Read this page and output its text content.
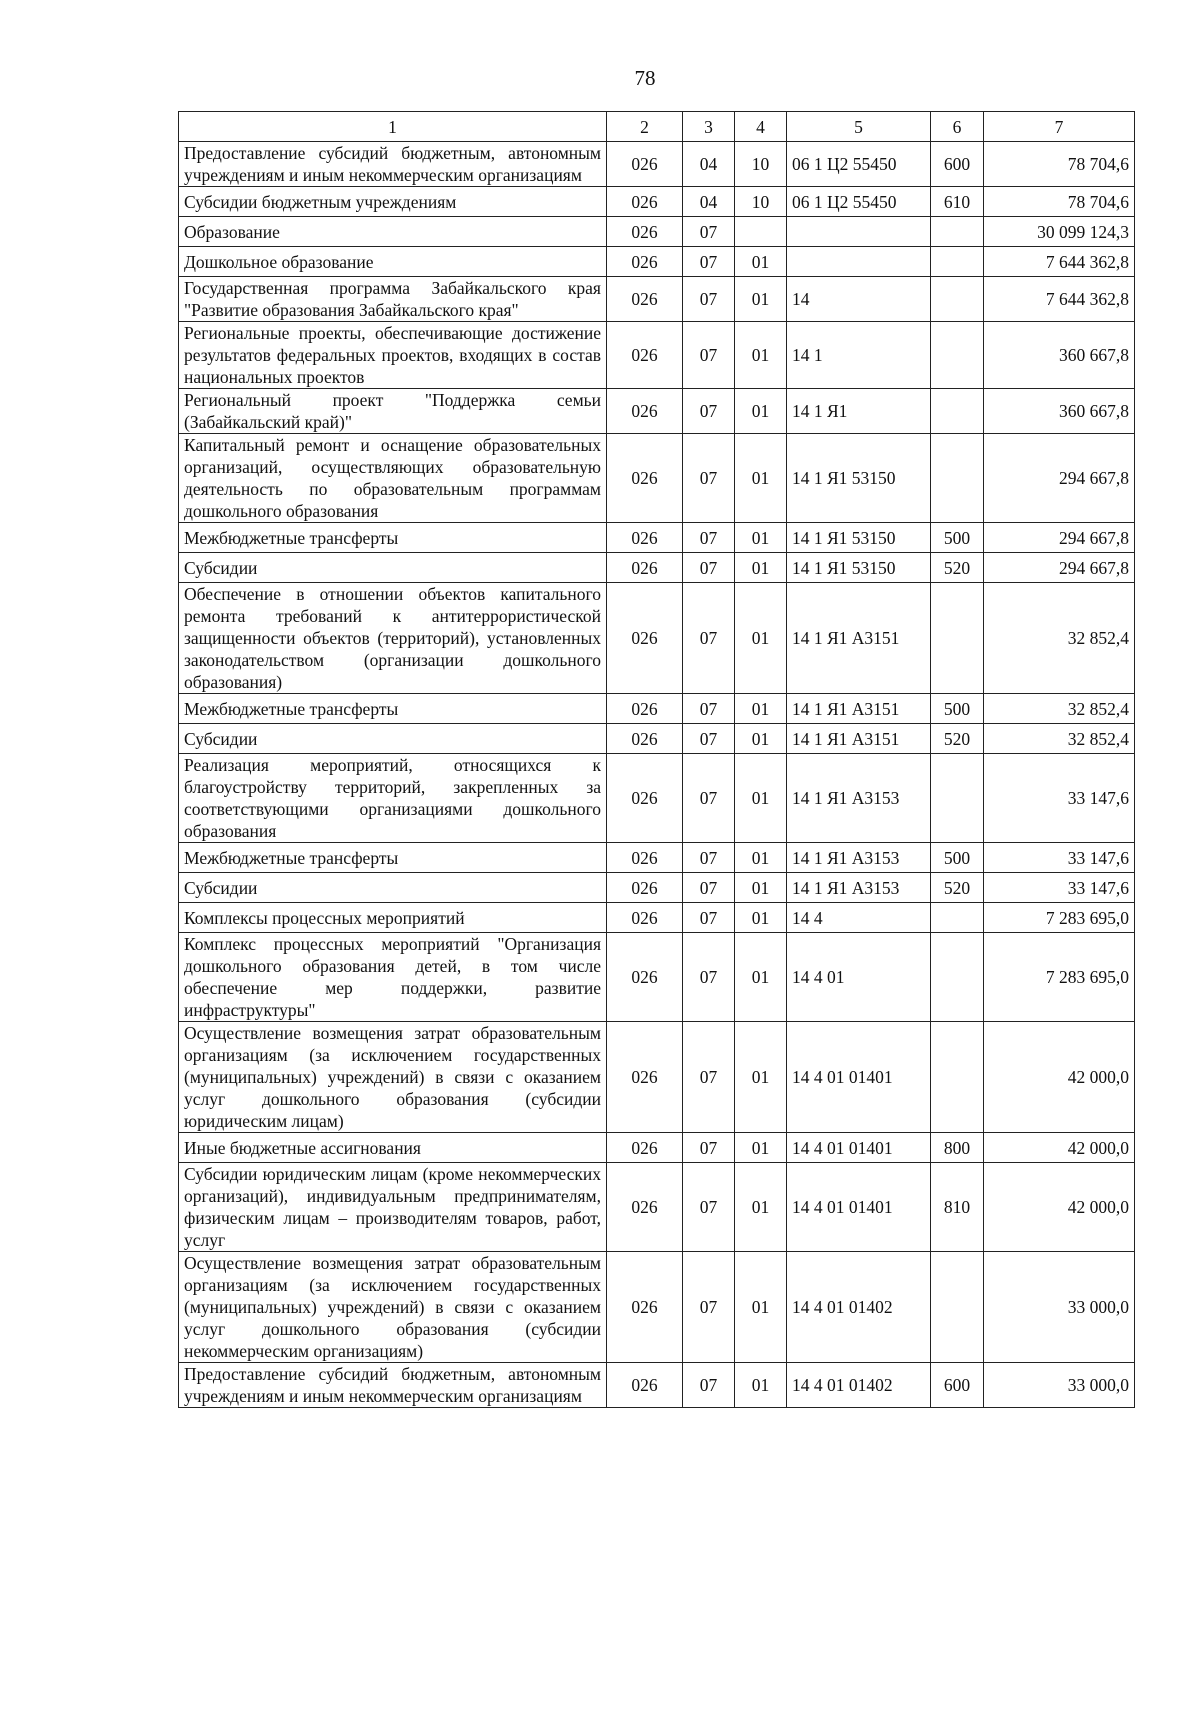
78
1	2	3	4	5	6	7
Предоставление субсидий бюджетным, автономным учреждениям и иным некоммерческим организациям	026	04	10	06 1 Ц2 55450	600	78 704,6
Субсидии бюджетным учреждениям	026	04	10	06 1 Ц2 55450	610	78 704,6
Образование	026	07				30 099 124,3
Дошкольное образование	026	07	01			7 644 362,8
Государственная программа Забайкальского края "Развитие образования Забайкальского края"	026	07	01	14		7 644 362,8
Региональные проекты, обеспечивающие достижение результатов федеральных проектов, входящих в состав национальных проектов	026	07	01	14 1		360 667,8
Региональный проект "Поддержка семьи (Забайкальский край)"	026	07	01	14 1 Я1		360 667,8
Капитальный ремонт и оснащение образовательных организаций, осуществляющих образовательную деятельность по образовательным программам дошкольного образования	026	07	01	14 1 Я1 53150		294 667,8
Межбюджетные трансферты	026	07	01	14 1 Я1 53150	500	294 667,8
Субсидии	026	07	01	14 1 Я1 53150	520	294 667,8
Обеспечение в отношении объектов капитального ремонта требований к антитеррористической защищенности объектов (территорий), установленных законодательством (организации дошкольного образования)	026	07	01	14 1 Я1 А3151		32 852,4
Межбюджетные трансферты	026	07	01	14 1 Я1 А3151	500	32 852,4
Субсидии	026	07	01	14 1 Я1 А3151	520	32 852,4
Реализация мероприятий, относящихся к благоустройству территорий, закрепленных за соответствующими организациями дошкольного образования	026	07	01	14 1 Я1 А3153		33 147,6
Межбюджетные трансферты	026	07	01	14 1 Я1 А3153	500	33 147,6
Субсидии	026	07	01	14 1 Я1 А3153	520	33 147,6
Комплексы процессных мероприятий	026	07	01	14 4		7 283 695,0
Комплекс процессных мероприятий "Организация дошкольного образования детей, в том числе обеспечение мер поддержки, развитие инфраструктуры"	026	07	01	14 4 01		7 283 695,0
Осуществление возмещения затрат образовательным организациям (за исключением государственных (муниципальных) учреждений) в связи с оказанием услуг дошкольного образования (субсидии юридическим лицам)	026	07	01	14 4 01 01401		42 000,0
Иные бюджетные ассигнования	026	07	01	14 4 01 01401	800	42 000,0
Субсидии юридическим лицам (кроме некоммерческих организаций), индивидуальным предпринимателям, физическим лицам – производителям товаров, работ, услуг	026	07	01	14 4 01 01401	810	42 000,0
Осуществление возмещения затрат образовательным организациям (за исключением государственных (муниципальных) учреждений) в связи с оказанием услуг дошкольного образования (субсидии некоммерческим организациям)	026	07	01	14 4 01 01402		33 000,0
Предоставление субсидий бюджетным, автономным учреждениям и иным некоммерческим организациям	026	07	01	14 4 01 01402	600	33 000,0
